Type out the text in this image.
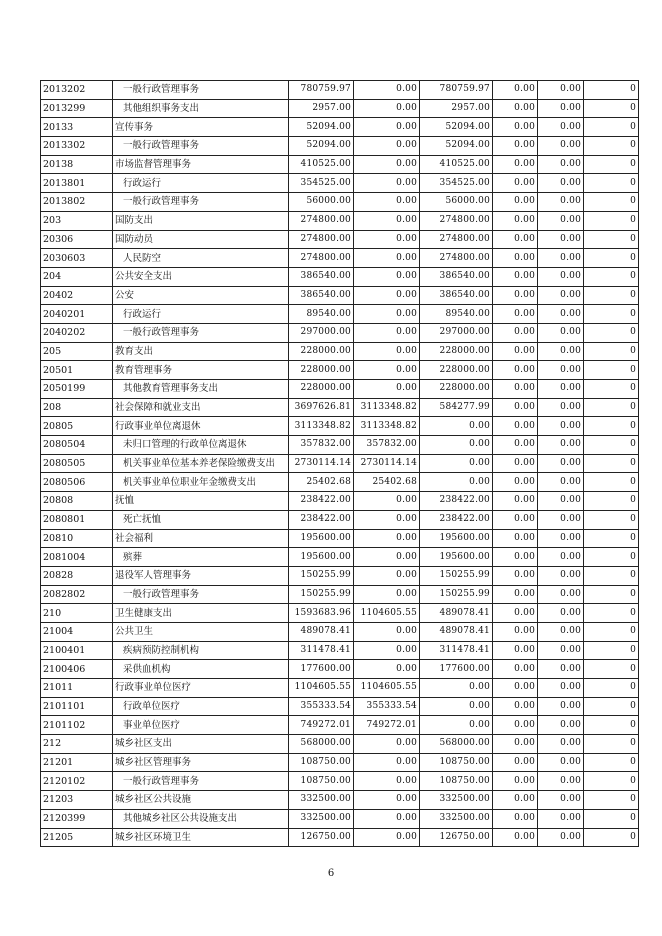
2013202	一般行政管理事务	780759.97	0.00	780759.97	0.00	0.00	0
2013299	其他组织事务支出	2957.00	0.00	2957.00	0.00	0.00	0
20133	宣传事务	52094.00	0.00	52094.00	0.00	0.00	0
2013302	一般行政管理事务	52094.00	0.00	52094.00	0.00	0.00	0
20138	市场监督管理事务	410525.00	0.00	410525.00	0.00	0.00	0
2013801	行政运行	354525.00	0.00	354525.00	0.00	0.00	0
2013802	一般行政管理事务	56000.00	0.00	56000.00	0.00	0.00	0
203	国防支出	274800.00	0.00	274800.00	0.00	0.00	0
20306	国防动员	274800.00	0.00	274800.00	0.00	0.00	0
2030603	人民防空	274800.00	0.00	274800.00	0.00	0.00	0
204	公共安全支出	386540.00	0.00	386540.00	0.00	0.00	0
20402	公安	386540.00	0.00	386540.00	0.00	0.00	0
2040201	行政运行	89540.00	0.00	89540.00	0.00	0.00	0
2040202	一般行政管理事务	297000.00	0.00	297000.00	0.00	0.00	0
205	教育支出	228000.00	0.00	228000.00	0.00	0.00	0
20501	教育管理事务	228000.00	0.00	228000.00	0.00	0.00	0
2050199	其他教育管理事务支出	228000.00	0.00	228000.00	0.00	0.00	0
208	社会保障和就业支出	3697626.81	3113348.82	584277.99	0.00	0.00	0
20805	行政事业单位离退休	3113348.82	3113348.82	0.00	0.00	0.00	0
2080504	未归口管理的行政单位离退休	357832.00	357832.00	0.00	0.00	0.00	0
2080505	机关事业单位基本养老保险缴费支出	2730114.14	2730114.14	0.00	0.00	0.00	0
2080506	机关事业单位职业年金缴费支出	25402.68	25402.68	0.00	0.00	0.00	0
20808	抚恤	238422.00	0.00	238422.00	0.00	0.00	0
2080801	死亡抚恤	238422.00	0.00	238422.00	0.00	0.00	0
20810	社会福利	195600.00	0.00	195600.00	0.00	0.00	0
2081004	殡葬	195600.00	0.00	195600.00	0.00	0.00	0
20828	退役军人管理事务	150255.99	0.00	150255.99	0.00	0.00	0
2082802	一般行政管理事务	150255.99	0.00	150255.99	0.00	0.00	0
210	卫生健康支出	1593683.96	1104605.55	489078.41	0.00	0.00	0
21004	公共卫生	489078.41	0.00	489078.41	0.00	0.00	0
2100401	疾病预防控制机构	311478.41	0.00	311478.41	0.00	0.00	0
2100406	采供血机构	177600.00	0.00	177600.00	0.00	0.00	0
21011	行政事业单位医疗	1104605.55	1104605.55	0.00	0.00	0.00	0
2101101	行政单位医疗	355333.54	355333.54	0.00	0.00	0.00	0
2101102	事业单位医疗	749272.01	749272.01	0.00	0.00	0.00	0
212	城乡社区支出	568000.00	0.00	568000.00	0.00	0.00	0
21201	城乡社区管理事务	108750.00	0.00	108750.00	0.00	0.00	0
2120102	一般行政管理事务	108750.00	0.00	108750.00	0.00	0.00	0
21203	城乡社区公共设施	332500.00	0.00	332500.00	0.00	0.00	0
2120399	其他城乡社区公共设施支出	332500.00	0.00	332500.00	0.00	0.00	0
21205	城乡社区环境卫生	126750.00	0.00	126750.00	0.00	0.00	0
6
